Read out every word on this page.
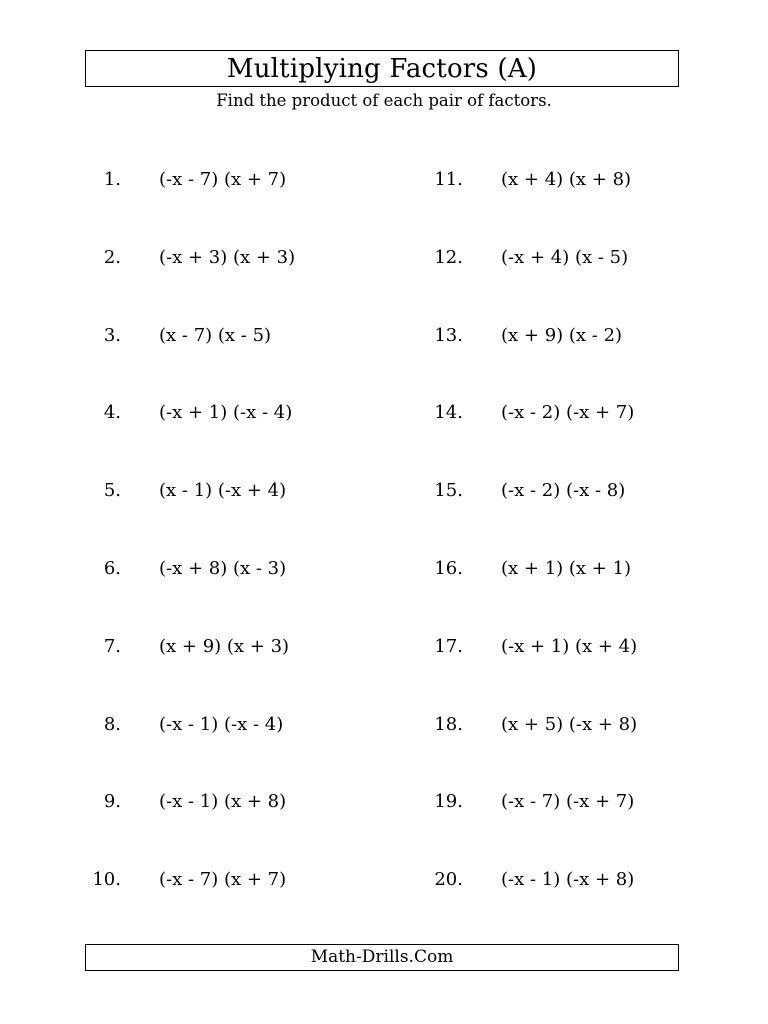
Multiplying Factors (A)
Find the product of each pair of factors.
1. (-x - 7) (x + 7)
2. (-x + 3) (x + 3)
3. (x - 7) (x - 5)
4. (-x + 1) (-x - 4)
5. (x - 1) (-x + 4)
6. (-x + 8) (x - 3)
7. (x + 9) (x + 3)
8. (-x - 1) (-x - 4)
9. (-x - 1) (x + 8)
10. (-x - 7) (x + 7)
11. (x + 4) (x + 8)
12. (-x + 4) (x - 5)
13. (x + 9) (x - 2)
14. (-x - 2) (-x + 7)
15. (-x - 2) (-x - 8)
16. (x + 1) (x + 1)
17. (-x + 1) (x + 4)
18. (x + 5) (-x + 8)
19. (-x - 7) (-x + 7)
20. (-x - 1) (-x + 8)
Math-Drills.Com
